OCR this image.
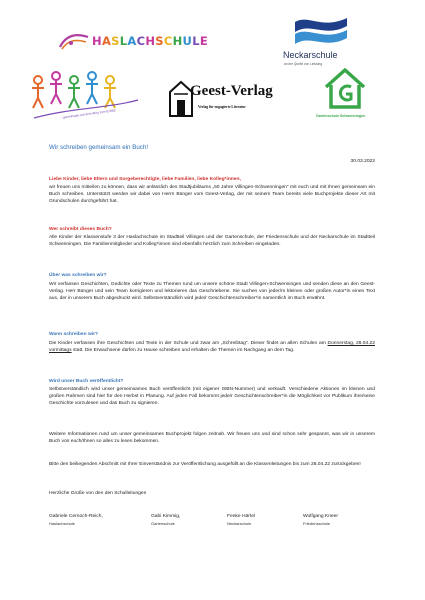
HASLACHSCHULE
Neckarschule
an der Quelle von Leistung
...gemeinsam auf dem Weg zum Erfolg!
Geest-Verlag
Verlag für engagierte Literatur
Gartenschule Schwenningen
Wir schreiben gemeinsam ein Buch!
30.03.2022
Liebe Kinder, liebe Eltern und Sorgeberechtigte, liebe Familien, liebe Kolleg*innen,

wir freuen uns mitteilen zu können, dass wir anlässlich des Stadtjubiläums „50 Jahre Villingen-Schwenningen“ mit euch und mit Ihnen gemeinsam ein Buch schreiben. Unterstützt werden wir dabei von Herrn Bünger vom Geest-Verlag, der mit seinem Team bereits viele Buchprojekte dieser Art mit Grundschulen durchgeführt hat.

Wer schreibt dieses Buch?

Alle Kinder der Klassenstufe 3 der Haslachschule im Stadtteil Villingen und der Gartenschule, der Friedensschule und der Neckarschule im Stadtteil Schwenningen. Die Familienmitglieder und Kolleg*innen sind ebenfalls herzlich zum Schreiben eingeladen.

Über was schreiben wir?

Wir verfassen Geschichten, Gedichte oder Texte zu Themen rund um unsere schöne Stadt Villingen-Schwenningen und senden diese an den Geest-Verlag. Herr Bünger und sein Team korrigieren und lektorieren das Geschriebene. Sie suchen von jeder/m kleinen oder großen Autor*in einen Text aus, der in unserem Buch abgedruckt wird. Selbstverständlich wird jede/r Geschichtenschreiber*in namentlich im Buch erwähnt.

Wann schreiben wir?

Die Kinder verfassen ihre Geschichten und Texte in der Schule und zwar am „Schreibtag“. Dieser findet an allen Schulen am Donnerstag, 28.04.22 vormittags statt. Die Erwachsene dürfen zu Hause schreiben und erhalten die Themen im Nachgang an dem Tag.

Wird unser Buch veröffentlicht?

Selbstverständlich wird unser gemeinsames Buch veröffentlicht (mit eigener ISBN-Nummer) und verkauft. Verschiedene Aktionen im kleinen und großen Rahmen sind hier für den Herbst in Planung. Auf jeden Fall bekommt jede/r Geschichtenschreiber*in die Möglichkeit vor Publikum ihre/seine Geschichte vorzulesen und das Buch zu signieren.

Weitere Informationen rund um unser gemeinsames Buchprojekt folgen zeitnah. Wir freuen uns und sind schon sehr gespannt, was wir in unserem Buch von euch/Ihnen so alles zu lesen bekommen.

Bitte den beiliegenden Abschnitt mit Ihrer Einverständnis zur Veröffentlichung ausgefüllt an die Klassenleitungen bis zum 28.04.22 zurückgeben!

Herzliche Grüße von den den Schulleitungen
Gabriele Cernoch-Reich,
Haslachschule
Gabi Kimmig,
Gartenschule
Fenke Härtel
Neckarschule
Wolfgang Kneer
Friedensschule
